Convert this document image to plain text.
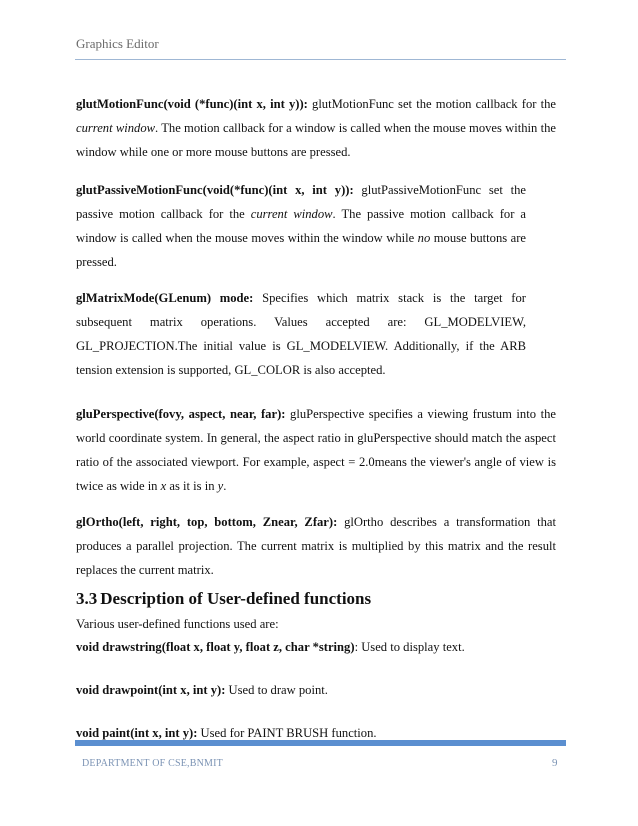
Graphics Editor
glutMotionFunc(void (*func)(int x, int y)): glutMotionFunc set the motion callback for the current window. The motion callback for a window is called when the mouse moves within the window while one or more mouse buttons are pressed.
glutPassiveMotionFunc(void(*func)(int x, int y)): glutPassiveMotionFunc set the passive motion callback for the current window. The passive motion callback for a window is called when the mouse moves within the window while no mouse buttons are pressed.
glMatrixMode(GLenum) mode: Specifies which matrix stack is the target for subsequent matrix operations. Values accepted are: GL_MODELVIEW, GL_PROJECTION.The initial value is GL_MODELVIEW. Additionally, if the ARB tension extension is supported, GL_COLOR is also accepted.
gluPerspective(fovy, aspect, near, far): gluPerspective specifies a viewing frustum into the world coordinate system. In general, the aspect ratio in gluPerspective should match the aspect ratio of the associated viewport. For example, aspect = 2.0means the viewer's angle of view is twice as wide in x as it is in y.
glOrtho(left, right, top, bottom, Znear, Zfar): glOrtho describes a transformation that produces a parallel projection. The current matrix is multiplied by this matrix and the result replaces the current matrix.
3.3 Description of User-defined functions
Various user-defined functions used are:
void drawstring(float x, float y, float z, char *string): Used to display text.
void drawpoint(int x, int y): Used to draw point.
void paint(int x, int y): Used for PAINT BRUSH function.
DEPARTMENT OF CSE,BNMIT	9
